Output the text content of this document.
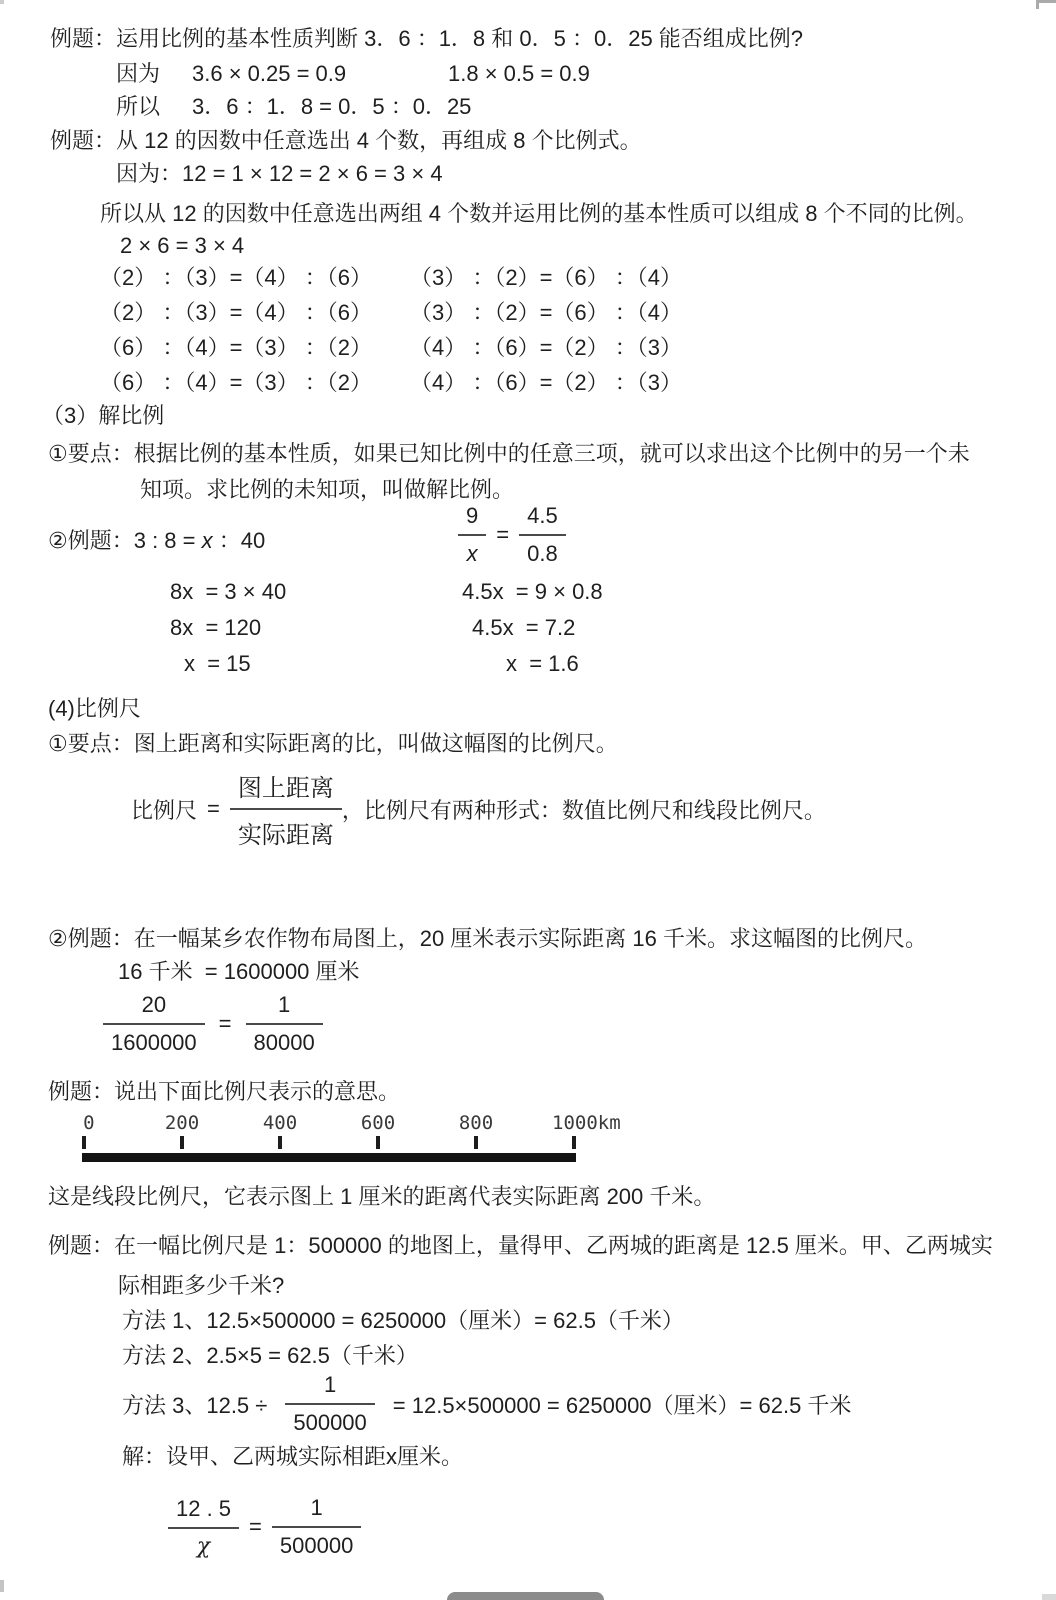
例题：运用比例的基本性质判断 3．6 ：1．8 和 0．5 ：0．25 能否组成比例?
因为 3.6 × 0.25 = 0.9	1.8 × 0.5 = 0.9
所以 3．6 ：1．8 = 0．5 ：0．25
例题：从 12 的因数中任意选出 4 个数，再组成 8 个比例式。
因为：12 = 1 × 12 = 2 × 6 = 3 × 4
所以从 12 的因数中任意选出两组 4 个数并运用比例的基本性质可以组成 8 个不同的比例。
2 × 6 = 3 × 4
（2） ：（3）=（4） ：（6） （3） ：（2）=（6） ：（4）
（2） ：（3）=（4） ：（6） （3） ：（2）=（6） ：（4）
（6） ：（4）=（3） ：（2） （4） ：（6）=（2） ：（3）
（6） ：（4）=（3） ：（2） （4） ：（6）=（2） ：（3）
（3）解比例
①要点：根据比例的基本性质，如果已知比例中的任意三项，就可以求出这个比例中的另一个未
知项。求比例的未知项，叫做解比例。
②例题：3 : 8 = x ：40	$\frac{9}{x} = \frac{4.5}{0.8}$
8x  = 3 × 40	4.5x  = 9 × 0.8
8x  = 120	4.5x  = 7.2
x  = 15	x  = 1.6
(4)比例尺
①要点：图上距离和实际距离的比，叫做这幅图的比例尺。
比例尺 = $\frac{\text{图上距离}}{\text{实际距离}}$ ，比例尺有两种形式：数值比例尺和线段比例尺。
②例题：在一幅某乡农作物布局图上，20 厘米表示实际距离 16 千米。求这幅图的比例尺。
16 千米  = 1600000 厘米
$\frac{20}{1600000} = \frac{1}{80000}$
例题：说出下面比例尺表示的意思。
0	200	400	600	800	1000km
这是线段比例尺，它表示图上 1 厘米的距离代表实际距离 200 千米。
例题：在一幅比例尺是 1：500000 的地图上，量得甲、乙两城的距离是 12.5 厘米。甲、乙两城实
际相距多少千米?
方法 1、12.5×500000 = 6250000（厘米）= 62.5（千米）
方法 2、2.5×5 = 62.5（千米）
方法 3、$12.5 \div \frac{1}{500000} = 12.5\times 500000 = 6250000$（厘米）= 62.5 千米
解：设甲、乙两城实际相距x厘米。
$\frac{12 . 5}{\chi} = \frac{1}{500000}$
